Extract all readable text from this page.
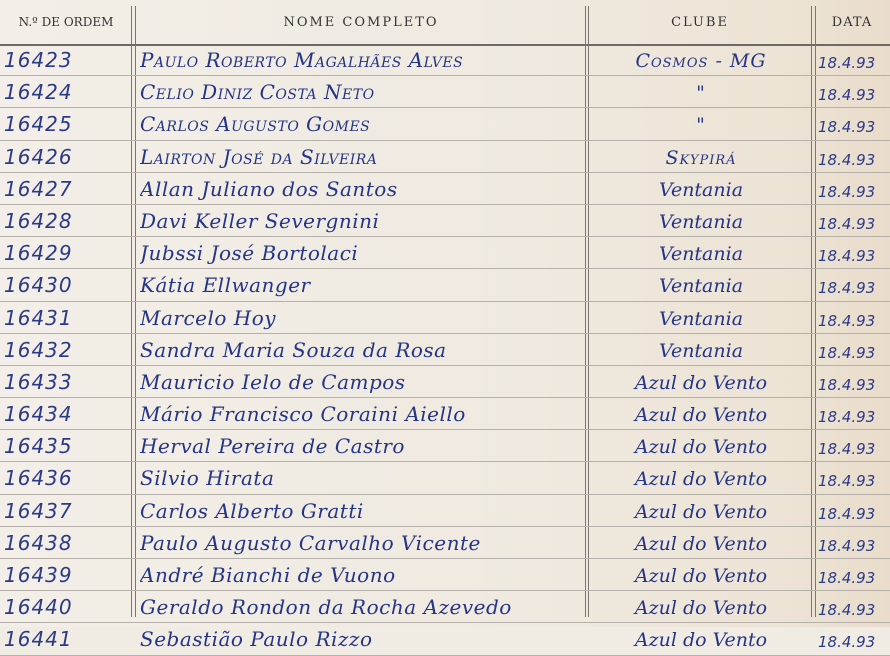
N.º DE ORDEM	NOME COMPLETO	CLUBE	DATA
16423	Paulo Roberto Magalhães Alves	Cosmos - MG	18.4.93
16424	Celio Diniz Costa Neto	"	18.4.93
16425	Carlos Augusto Gomes	"	18.4.93
16426	Lairton José da Silveira	Skypirá	18.4.93
16427	Allan Juliano dos Santos	Ventania	18.4.93
16428	Davi Keller Severgnini	Ventania	18.4.93
16429	Jubssi José Bortolaci	Ventania	18.4.93
16430	Kátia Ellwanger	Ventania	18.4.93
16431	Marcelo Hoy	Ventania	18.4.93
16432	Sandra Maria Souza da Rosa	Ventania	18.4.93
16433	Mauricio Ielo de Campos	Azul do Vento	18.4.93
16434	Mário Francisco Coraini Aiello	Azul do Vento	18.4.93
16435	Herval Pereira de Castro	Azul do Vento	18.4.93
16436	Silvio Hirata	Azul do Vento	18.4.93
16437	Carlos Alberto Gratti	Azul do Vento	18.4.93
16438	Paulo Augusto Carvalho Vicente	Azul do Vento	18.4.93
16439	André Bianchi de Vuono	Azul do Vento	18.4.93
16440	Geraldo Rondon da Rocha Azevedo	Azul do Vento	18.4.93
16441	Sebastião Paulo Rizzo	Azul do Vento	18.4.93
